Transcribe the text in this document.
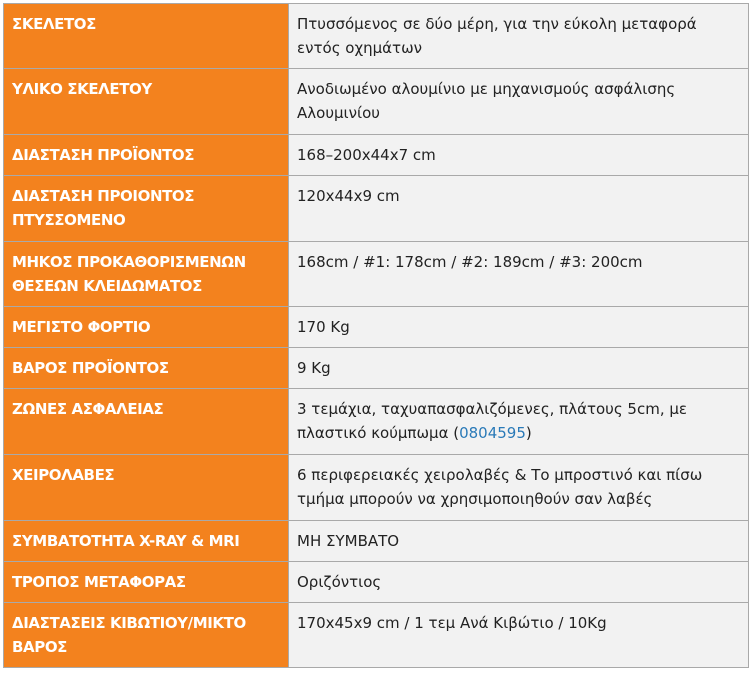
ΣΚΕΛΕΤΟΣ	Πτυσσόμενος σε δύο μέρη, για την εύκολη μεταφορά εντός οχημάτων
ΥΛΙΚΟ ΣΚΕΛΕΤΟΥ	Ανοδιωμένο αλουμίνιο με μηχανισμούς ασφάλισης Αλουμινίου
ΔΙΑΣΤΑΣΗ ΠΡΟΪΟΝΤΟΣ	168–200x44x7 cm
ΔΙΑΣΤΑΣΗ ΠΡΟΙΟΝΤΟΣ ΠΤΥΣΣΟΜΕΝΟ	120x44x9 cm
ΜΗΚΟΣ ΠΡΟΚΑΘΟΡΙΣΜΕΝΩΝ ΘΕΣΕΩΝ ΚΛΕΙΔΩΜΑΤΟΣ	168cm / #1: 178cm / #2: 189cm / #3: 200cm
ΜΕΓΙΣΤΟ ΦΟΡΤΙΟ	170 Kg
ΒΑΡΟΣ ΠΡΟΪΟΝΤΟΣ	9 Kg
ΖΩΝΕΣ ΑΣΦΑΛΕΙΑΣ	3 τεμάχια, ταχυαπασφαλιζόμενες, πλάτους 5cm, με πλαστικό κούμπωμα (0804595)
ΧΕΙΡΟΛΑΒΕΣ	6 περιφερειακές χειρολαβές & Το μπροστινό και πίσω τμήμα μπορούν να χρησιμοποιηθούν σαν λαβές
ΣΥΜΒΑΤΟΤΗΤΑ X-RAY & MRI	ΜΗ ΣΥΜΒΑΤΟ
ΤΡΟΠΟΣ ΜΕΤΑΦΟΡΑΣ	Οριζόντιος
ΔΙΑΣΤΑΣΕΙΣ ΚΙΒΩΤΙΟΥ/ΜΙΚΤΟ ΒΑΡΟΣ	170x45x9 cm / 1 τεμ Ανά Κιβώτιο / 10Kg
